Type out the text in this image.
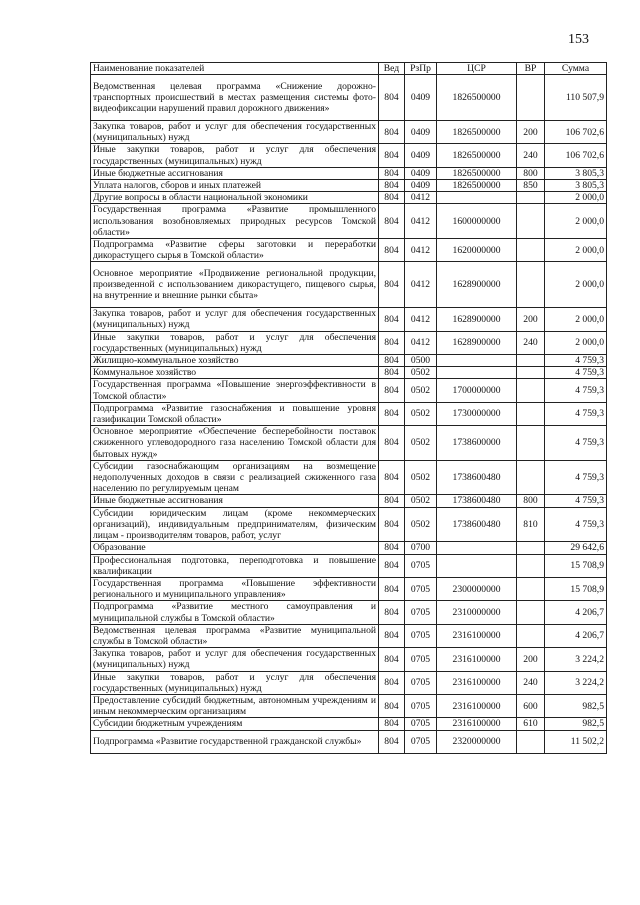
153
Наименование показателей	Вед	РзПр	ЦСР	ВР	Сумма
Ведомственная целевая программа «Снижение дорожно-транспортных происшествий в местах размещения системы фото-видеофиксации нарушений правил дорожного движения»	804	0409	1826500000		110 507,9
Закупка товаров, работ и услуг для обеспечения государственных (муниципальных) нужд	804	0409	1826500000	200	106 702,6
Иные закупки товаров, работ и услуг для обеспечения государственных (муниципальных) нужд	804	0409	1826500000	240	106 702,6
Иные бюджетные ассигнования	804	0409	1826500000	800	3 805,3
Уплата налогов, сборов и иных платежей	804	0409	1826500000	850	3 805,3
Другие вопросы в области национальной экономики	804	0412			2 000,0
Государственная программа «Развитие промышленного использования возобновляемых природных ресурсов Томской области»	804	0412	1600000000		2 000,0
Подпрограмма «Развитие сферы заготовки и переработки дикорастущего сырья в Томской области»	804	0412	1620000000		2 000,0
Основное мероприятие «Продвижение региональной продукции, произведенной с использованием дикорастущего, пищевого сырья, на внутренние и внешние рынки сбыта»	804	0412	1628900000		2 000,0
Закупка товаров, работ и услуг для обеспечения государственных (муниципальных) нужд	804	0412	1628900000	200	2 000,0
Иные закупки товаров, работ и услуг для обеспечения государственных (муниципальных) нужд	804	0412	1628900000	240	2 000,0
Жилищно-коммунальное хозяйство	804	0500			4 759,3
Коммунальное хозяйство	804	0502			4 759,3
Государственная программа «Повышение энергоэффективности в Томской области»	804	0502	1700000000		4 759,3
Подпрограмма «Развитие газоснабжения и повышение уровня газификации Томской области»	804	0502	1730000000		4 759,3
Основное мероприятие «Обеспечение бесперебойности поставок сжиженного углеводородного газа населению Томской области для бытовых нужд»	804	0502	1738600000		4 759,3
Субсидии газоснабжающим организациям на возмещение недополученных доходов в связи с реализацией сжиженного газа населению по регулируемым ценам	804	0502	1738600480		4 759,3
Иные бюджетные ассигнования	804	0502	1738600480	800	4 759,3
Субсидии юридическим лицам (кроме некоммерческих организаций), индивидуальным предпринимателям, физическим лицам - производителям товаров, работ, услуг	804	0502	1738600480	810	4 759,3
Образование	804	0700			29 642,6
Профессиональная подготовка, переподготовка и повышение квалификации	804	0705			15 708,9
Государственная программа «Повышение эффективности регионального и муниципального управления»	804	0705	2300000000		15 708,9
Подпрограмма «Развитие местного самоуправления и муниципальной службы в Томской области»	804	0705	2310000000		4 206,7
Ведомственная целевая программа «Развитие муниципальной службы в Томской области»	804	0705	2316100000		4 206,7
Закупка товаров, работ и услуг для обеспечения государственных (муниципальных) нужд	804	0705	2316100000	200	3 224,2
Иные закупки товаров, работ и услуг для обеспечения государственных (муниципальных) нужд	804	0705	2316100000	240	3 224,2
Предоставление субсидий бюджетным, автономным учреждениям и иным некоммерческим организациям	804	0705	2316100000	600	982,5
Субсидии бюджетным учреждениям	804	0705	2316100000	610	982,5
Подпрограмма «Развитие государственной гражданской службы»	804	0705	2320000000		11 502,2
